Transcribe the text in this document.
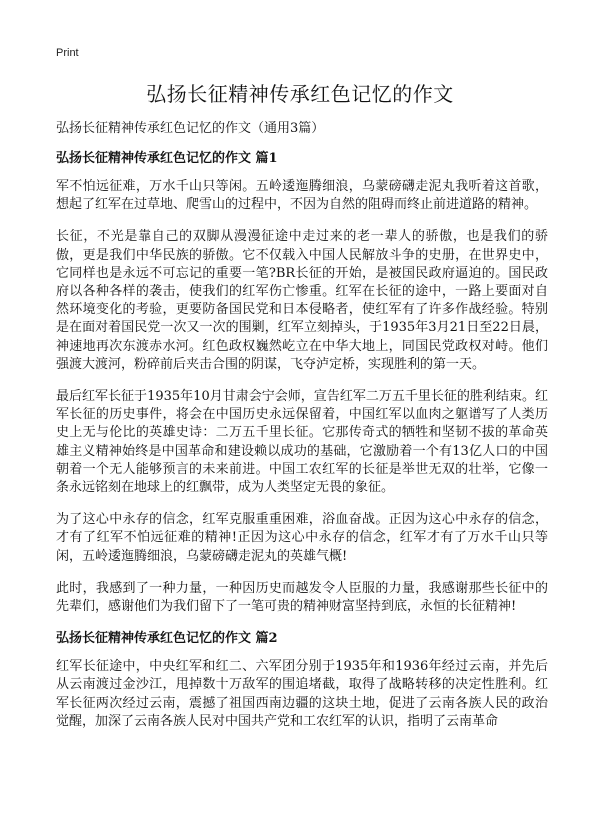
Print
弘扬长征精神传承红色记忆的作文

弘扬长征精神传承红色记忆的作文（通用3篇）

弘扬长征精神传承红色记忆的作文 篇1

军不怕远征难，万水千山只等闲。五岭逶迤腾细浪，乌蒙磅礴走泥丸我听着这首歌，想起了红军在过草地、爬雪山的过程中，不因为自然的阻碍而终止前进道路的精神。

长征，不光是靠自己的双脚从漫漫征途中走过来的老一辈人的骄傲，也是我们的骄傲，更是我们中华民族的骄傲。它不仅载入中国人民解放斗争的史册，在世界史中，它同样也是永远不可忘记的重要一笔?BR长征的开始，是被国民政府逼迫的。国民政府以各种各样的袭击，使我们的红军伤亡惨重。红军在长征的途中，一路上要面对自然环境变化的考验，更要防备国民党和日本侵略者，使红军有了许多作战经验。特别是在面对着国民党一次又一次的围剿，红军立刻掉头，于1935年3月21日至22日晨，神速地再次东渡赤水河。红色政权巍然屹立在中华大地上，同国民党政权对峙。他们强渡大渡河，粉碎前后夹击合围的阴谋，飞夺泸定桥，实现胜利的第一天。

最后红军长征于1935年10月甘肃会宁会师，宣告红军二万五千里长征的胜利结束。红军长征的历史事件，将会在中国历史永远保留着，中国红军以血肉之躯谱写了人类历史上无与伦比的英雄史诗：二万五千里长征。它那传奇式的牺牲和坚韧不拔的革命英雄主义精神始终是中国革命和建设赖以成功的基础，它激励着一个有13亿人口的中国朝着一个无人能够预言的未来前进。中国工农红军的长征是举世无双的壮举，它像一条永远铭刻在地球上的红飘带，成为人类坚定无畏的象征。

为了这心中永存的信念，红军克服重重困难，浴血奋战。正因为这心中永存的信念，才有了红军不怕远征难的精神!正因为这心中永存的信念，红军才有了万水千山只等闲，五岭逶迤腾细浪，乌蒙磅礴走泥丸的英雄气概!

此时，我感到了一种力量，一种因历史而越发令人臣服的力量，我感谢那些长征中的先辈们，感谢他们为我们留下了一笔可贵的精神财富坚持到底，永恒的长征精神!

弘扬长征精神传承红色记忆的作文 篇2

红军长征途中，中央红军和红二、六军团分别于1935年和1936年经过云南，并先后从云南渡过金沙江，甩掉数十万敌军的围追堵截，取得了战略转移的决定性胜利。红军长征两次经过云南，震撼了祖国西南边疆的这块土地，促进了云南各族人民的政治觉醒，加深了云南各族人民对中国共产党和工农红军的认识，指明了云南革命
